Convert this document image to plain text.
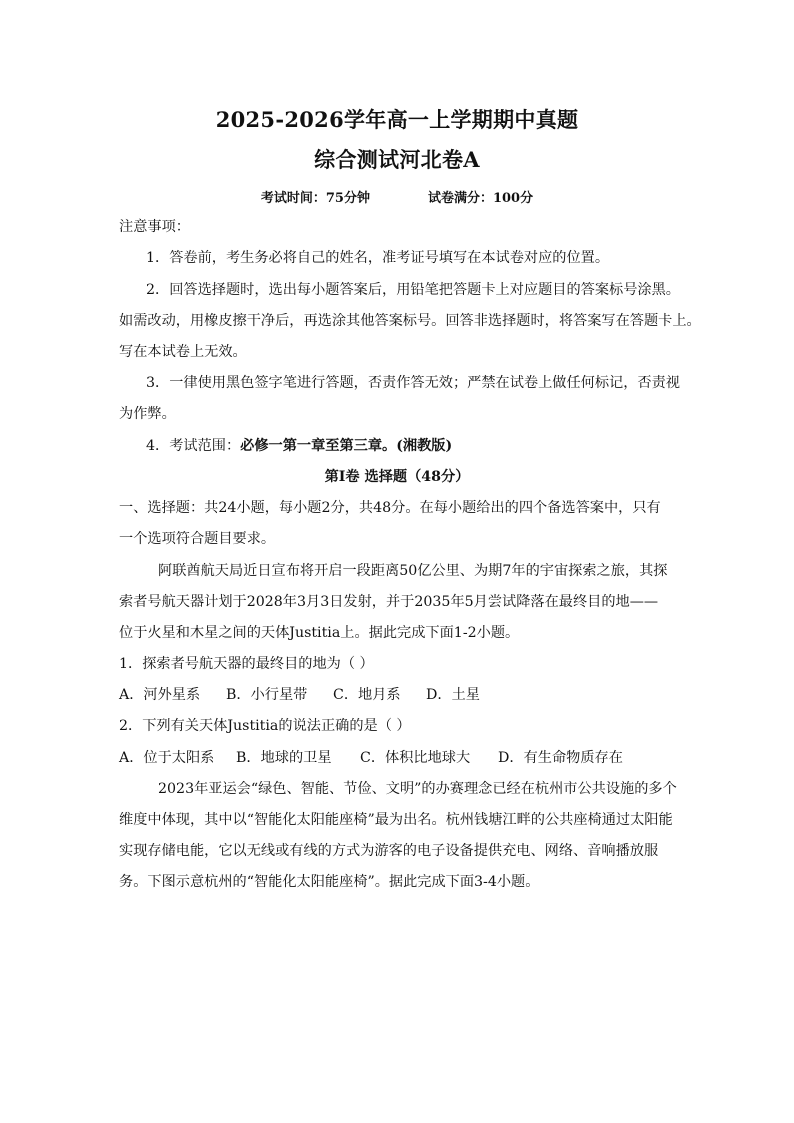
2025-2026学年高一上学期期中真题
综合测试河北卷A
考试时间：75分钟	试卷满分：100分
注意事项：
1．答卷前，考生务必将自己的姓名，准考证号填写在本试卷对应的位置。
2．回答选择题时，选出每小题答案后，用铅笔把答题卡上对应题目的答案标号涂黑。
如需改动，用橡皮擦干净后，再选涂其他答案标号。回答非选择题时，将答案写在答题卡上。
写在本试卷上无效。
3．一律使用黑色签字笔进行答题，否责作答无效；严禁在试卷上做任何标记，否责视
为作弊。
4．考试范围：必修一第一章至第三章。(湘教版)
第Ⅰ卷 选择题（48分）
一、选择题：共24小题，每小题2分，共48分。在每小题给出的四个备选答案中，只有
一个选项符合题目要求。
阿联酋航天局近日宣布将开启一段距离50亿公里、为期7年的宇宙探索之旅，其探
索者号航天器计划于2028年3月3日发射，并于2035年5月尝试降落在最终目的地——
位于火星和木星之间的天体Justitia上。据此完成下面1-2小题。
1．探索者号航天器的最终目的地为（ ）
A．河外星系 B．小行星带 C．地月系 D．土星
2．下列有关天体Justitia的说法正确的是（ ）
A．位于太阳系 B．地球的卫星 C．体积比地球大 D．有生命物质存在
2023年亚运会“绿色、智能、节俭、文明”的办赛理念已经在杭州市公共设施的多个
维度中体现，其中以“智能化太阳能座椅”最为出名。杭州钱塘江畔的公共座椅通过太阳能
实现存储电能，它以无线或有线的方式为游客的电子设备提供充电、网络、音响播放服
务。下图示意杭州的“智能化太阳能座椅”。据此完成下面3-4小题。
